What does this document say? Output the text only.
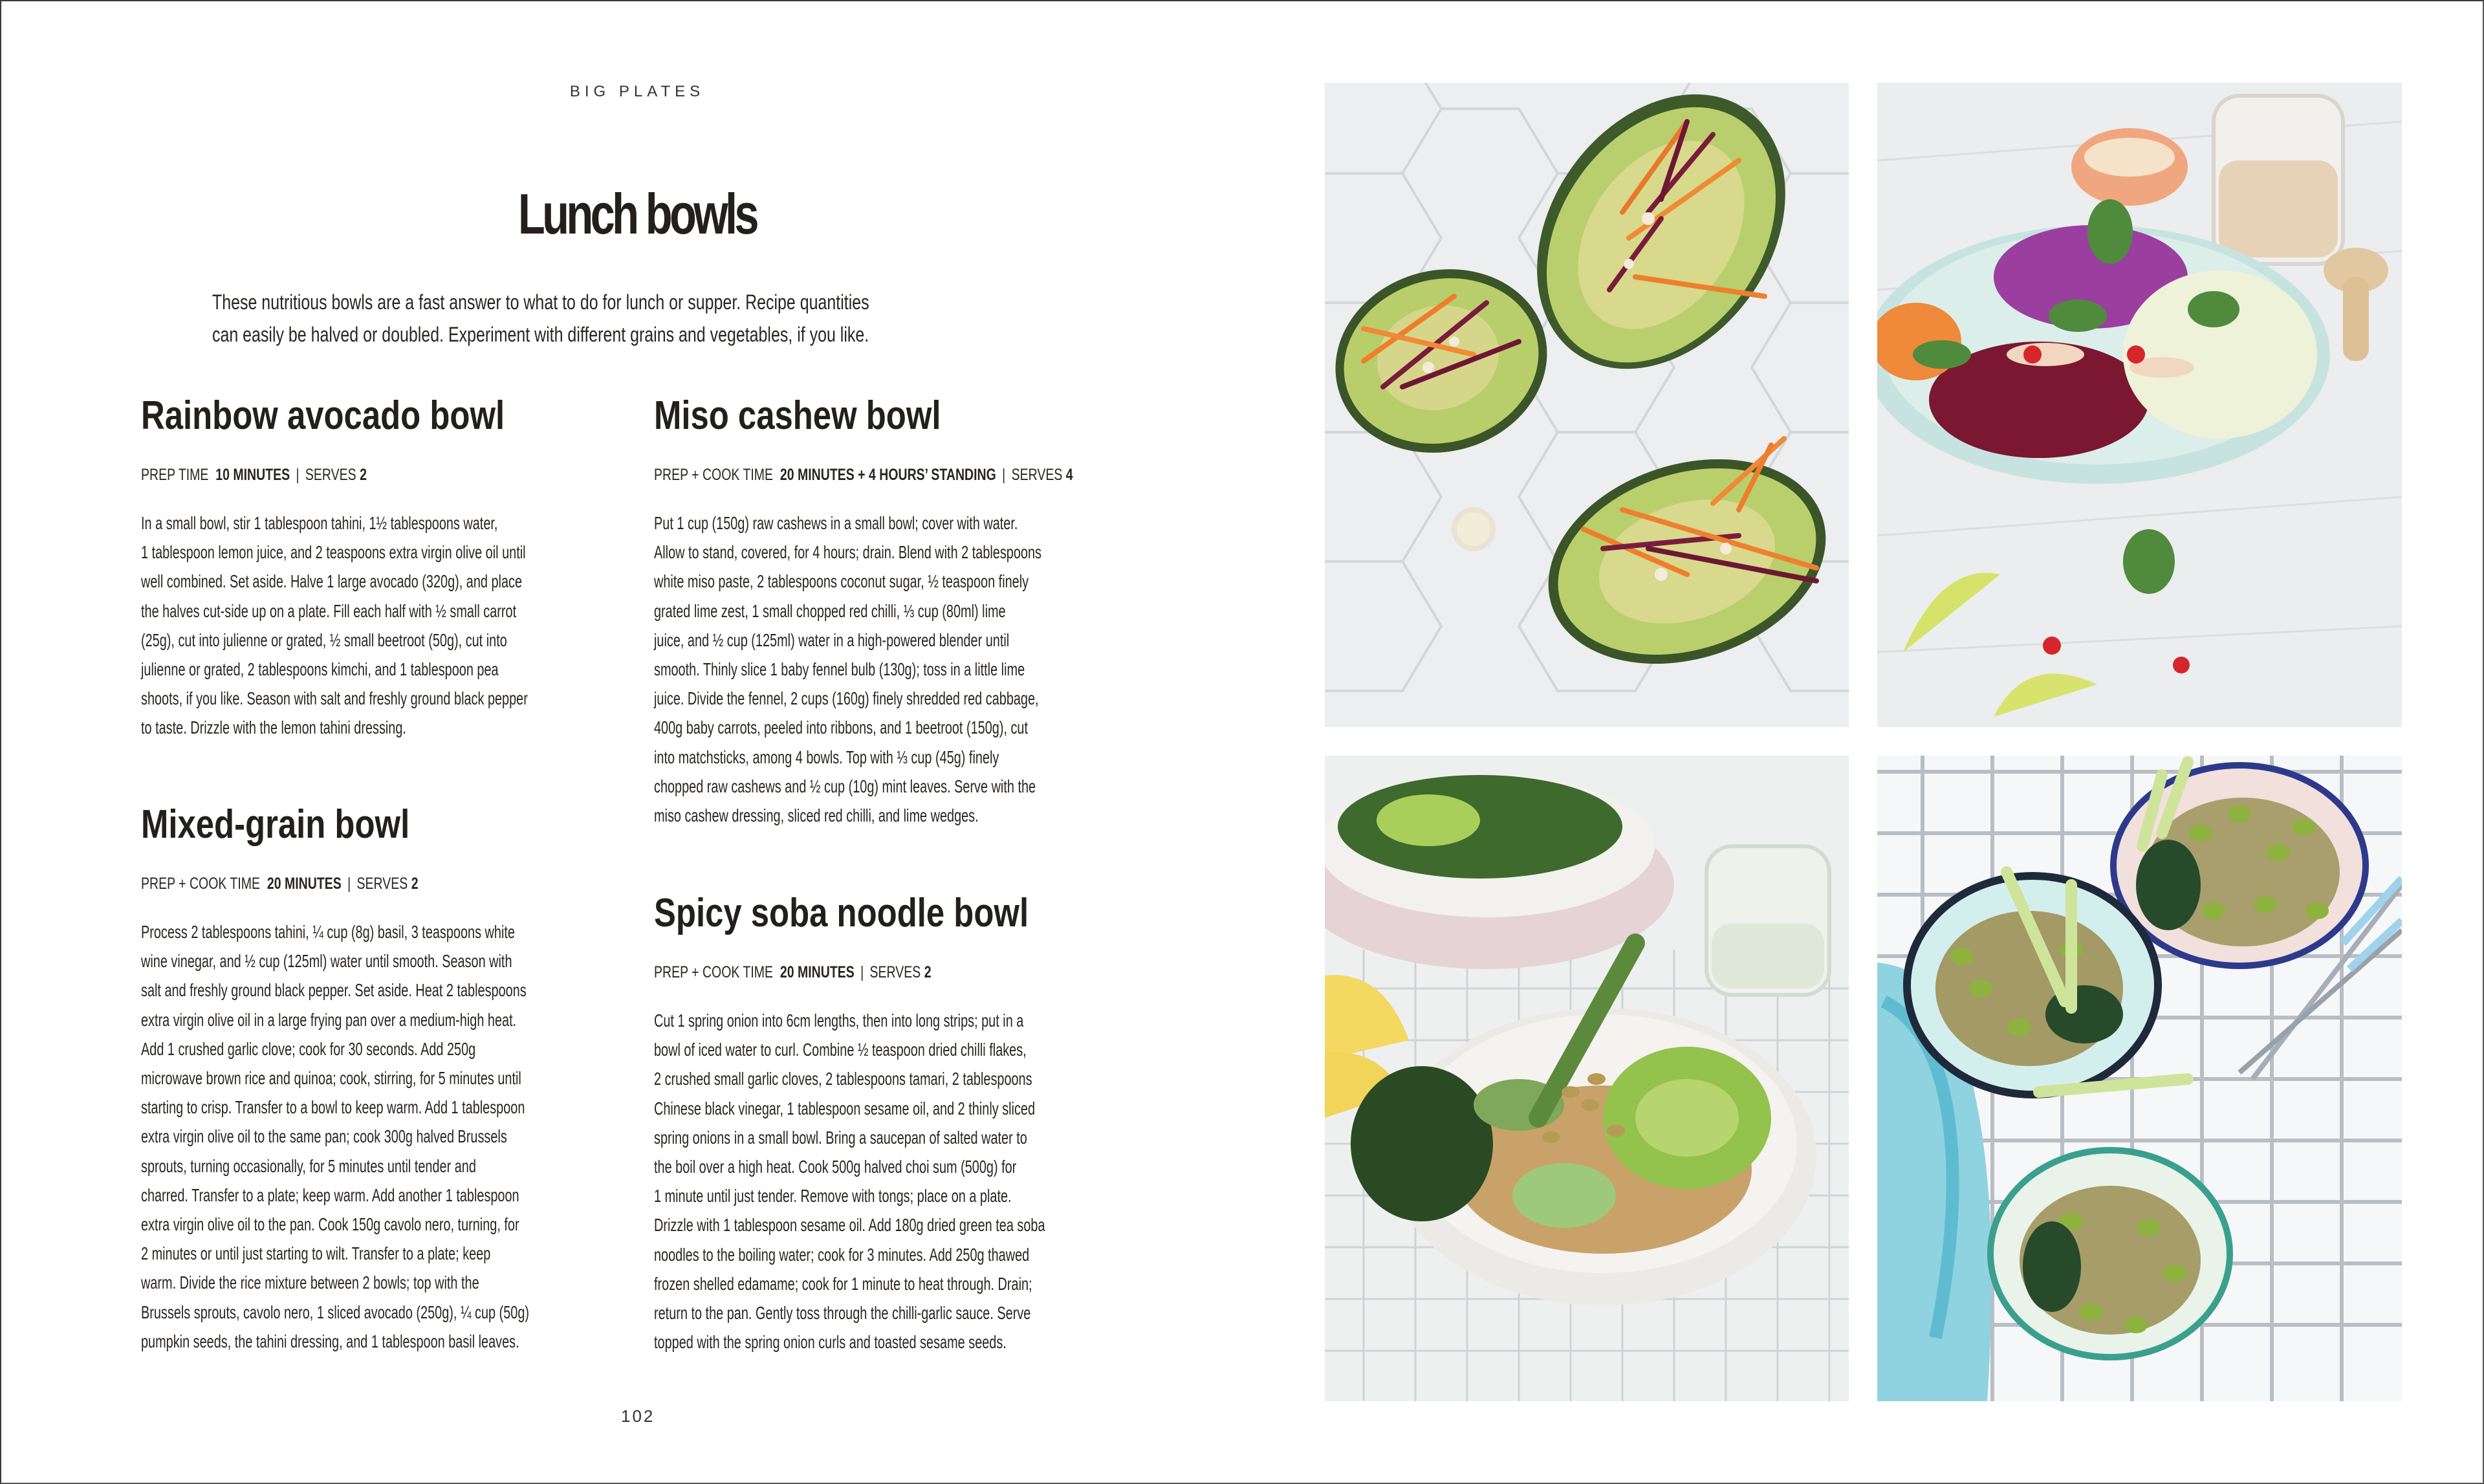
BIG PLATES
Lunch bowls
These nutritious bowls are a fast answer to what to do for lunch or supper. Recipe quantities
can easily be halved or doubled. Experiment with different grains and vegetables, if you like.
Rainbow avocado bowl
PREP TIME 10 MINUTES | SERVES 2
In a small bowl, stir 1 tablespoon tahini, 1½ tablespoons water,
1 tablespoon lemon juice, and 2 teaspoons extra virgin olive oil until
well combined. Set aside. Halve 1 large avocado (320g), and place
the halves cut-side up on a plate. Fill each half with ½ small carrot
(25g), cut into julienne or grated, ½ small beetroot (50g), cut into
julienne or grated, 2 tablespoons kimchi, and 1 tablespoon pea
shoots, if you like. Season with salt and freshly ground black pepper
to taste. Drizzle with the lemon tahini dressing.
Miso cashew bowl
PREP + COOK TIME 20 MINUTES + 4 HOURS’ STANDING | SERVES 4
Put 1 cup (150g) raw cashews in a small bowl; cover with water.
Allow to stand, covered, for 4 hours; drain. Blend with 2 tablespoons
white miso paste, 2 tablespoons coconut sugar, ½ teaspoon finely
grated lime zest, 1 small chopped red chilli, ⅓ cup (80ml) lime
juice, and ½ cup (125ml) water in a high-powered blender until
smooth. Thinly slice 1 baby fennel bulb (130g); toss in a little lime
juice. Divide the fennel, 2 cups (160g) finely shredded red cabbage,
400g baby carrots, peeled into ribbons, and 1 beetroot (150g), cut
into matchsticks, among 4 bowls. Top with ⅓ cup (45g) finely
chopped raw cashews and ½ cup (10g) mint leaves. Serve with the
miso cashew dressing, sliced red chilli, and lime wedges.
Mixed-grain bowl
PREP + COOK TIME 20 MINUTES | SERVES 2
Process 2 tablespoons tahini, ¼ cup (8g) basil, 3 teaspoons white
wine vinegar, and ½ cup (125ml) water until smooth. Season with
salt and freshly ground black pepper. Set aside. Heat 2 tablespoons
extra virgin olive oil in a large frying pan over a medium-high heat.
Add 1 crushed garlic clove; cook for 30 seconds. Add 250g
microwave brown rice and quinoa; cook, stirring, for 5 minutes until
starting to crisp. Transfer to a bowl to keep warm. Add 1 tablespoon
extra virgin olive oil to the same pan; cook 300g halved Brussels
sprouts, turning occasionally, for 5 minutes until tender and
charred. Transfer to a plate; keep warm. Add another 1 tablespoon
extra virgin olive oil to the pan. Cook 150g cavolo nero, turning, for
2 minutes or until just starting to wilt. Transfer to a plate; keep
warm. Divide the rice mixture between 2 bowls; top with the
Brussels sprouts, cavolo nero, 1 sliced avocado (250g), ¼ cup (50g)
pumpkin seeds, the tahini dressing, and 1 tablespoon basil leaves.
Spicy soba noodle bowl
PREP + COOK TIME 20 MINUTES | SERVES 2
Cut 1 spring onion into 6cm lengths, then into long strips; put in a
bowl of iced water to curl. Combine ½ teaspoon dried chilli flakes,
2 crushed small garlic cloves, 2 tablespoons tamari, 2 tablespoons
Chinese black vinegar, 1 tablespoon sesame oil, and 2 thinly sliced
spring onions in a small bowl. Bring a saucepan of salted water to
the boil over a high heat. Cook 500g halved choi sum (500g) for
1 minute until just tender. Remove with tongs; place on a plate.
Drizzle with 1 tablespoon sesame oil. Add 180g dried green tea soba
noodles to the boiling water; cook for 3 minutes. Add 250g thawed
frozen shelled edamame; cook for 1 minute to heat through. Drain;
return to the pan. Gently toss through the chilli-garlic sauce. Serve
topped with the spring onion curls and toasted sesame seeds.
102
